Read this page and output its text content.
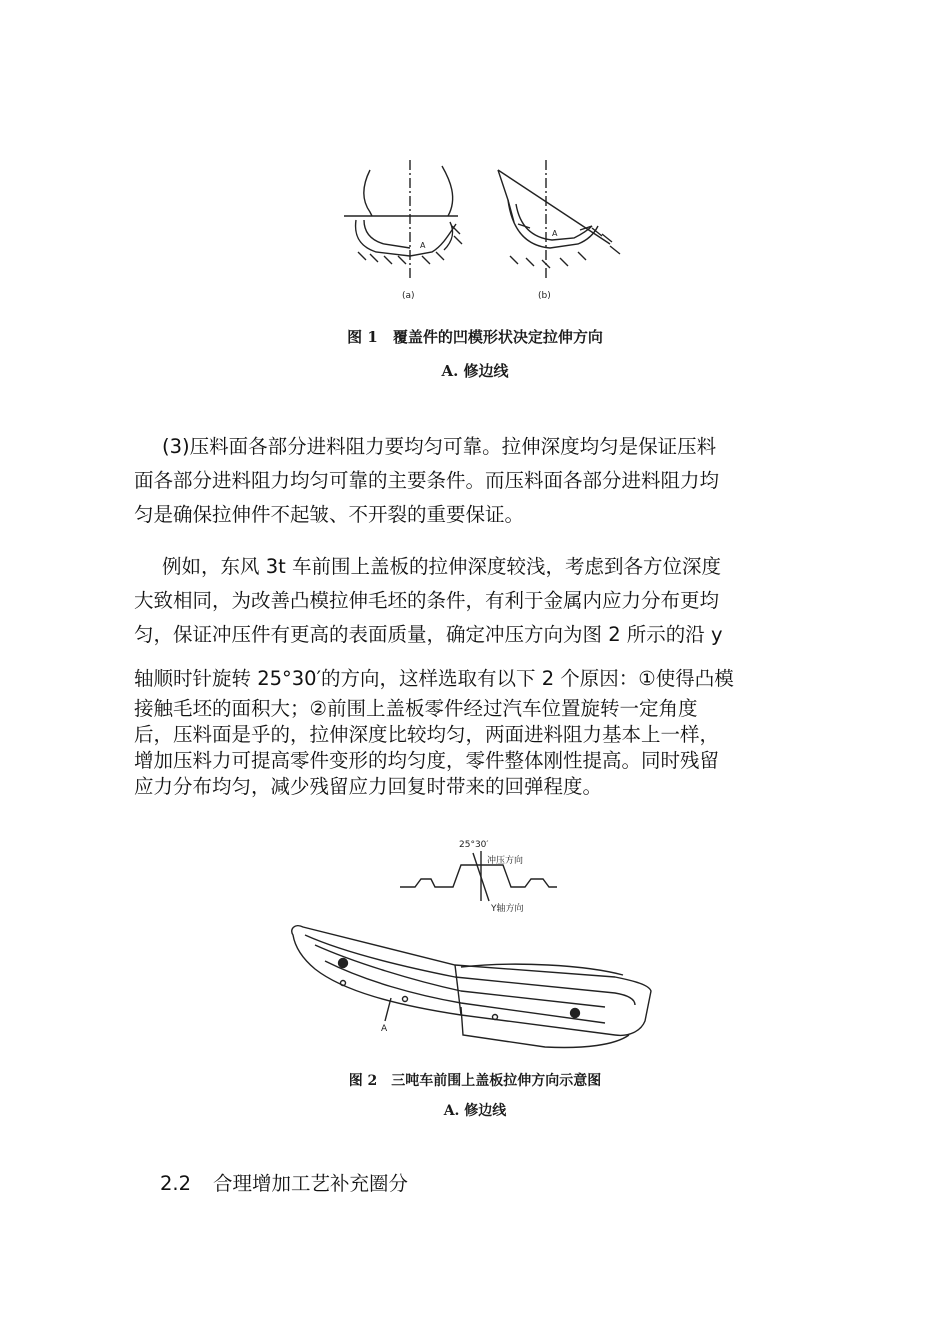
A
A
(a)	(b)
图 1　覆盖件的凹模形状决定拉伸方向
A. 修边线

(3)压料面各部分进料阻力要均匀可靠。拉伸深度均匀是保证压料

面各部分进料阻力均匀可靠的主要条件。而压料面各部分进料阻力均

匀是确保拉伸件不起皱、不开裂的重要保证。

例如，东风 3t 车前围上盖板的拉伸深度较浅，考虑到各方位深度

大致相同，为改善凸模拉伸毛坯的条件，有利于金属内应力分布更均

匀，保证冲压件有更高的表面质量，确定冲压方向为图 2 所示的沿 y

轴顺时针旋转 25°30′的方向，这样选取有以下 2 个原因：①使得凸模

接触毛坯的面积大；②前围上盖板零件经过汽车位置旋转一定角度

后，压料面是乎的，拉伸深度比较均匀，两面进料阻力基本上一样，

增加压料力可提高零件变形的均匀度，零件整体刚性提高。同时残留

应力分布均匀，减少残留应力回复时带来的回弹程度。

25°30′
冲压方向
Y轴方向
A
图 2　三吨车前围上盖板拉伸方向示意图
A. 修边线
2.2 合理增加工艺补充圈分
